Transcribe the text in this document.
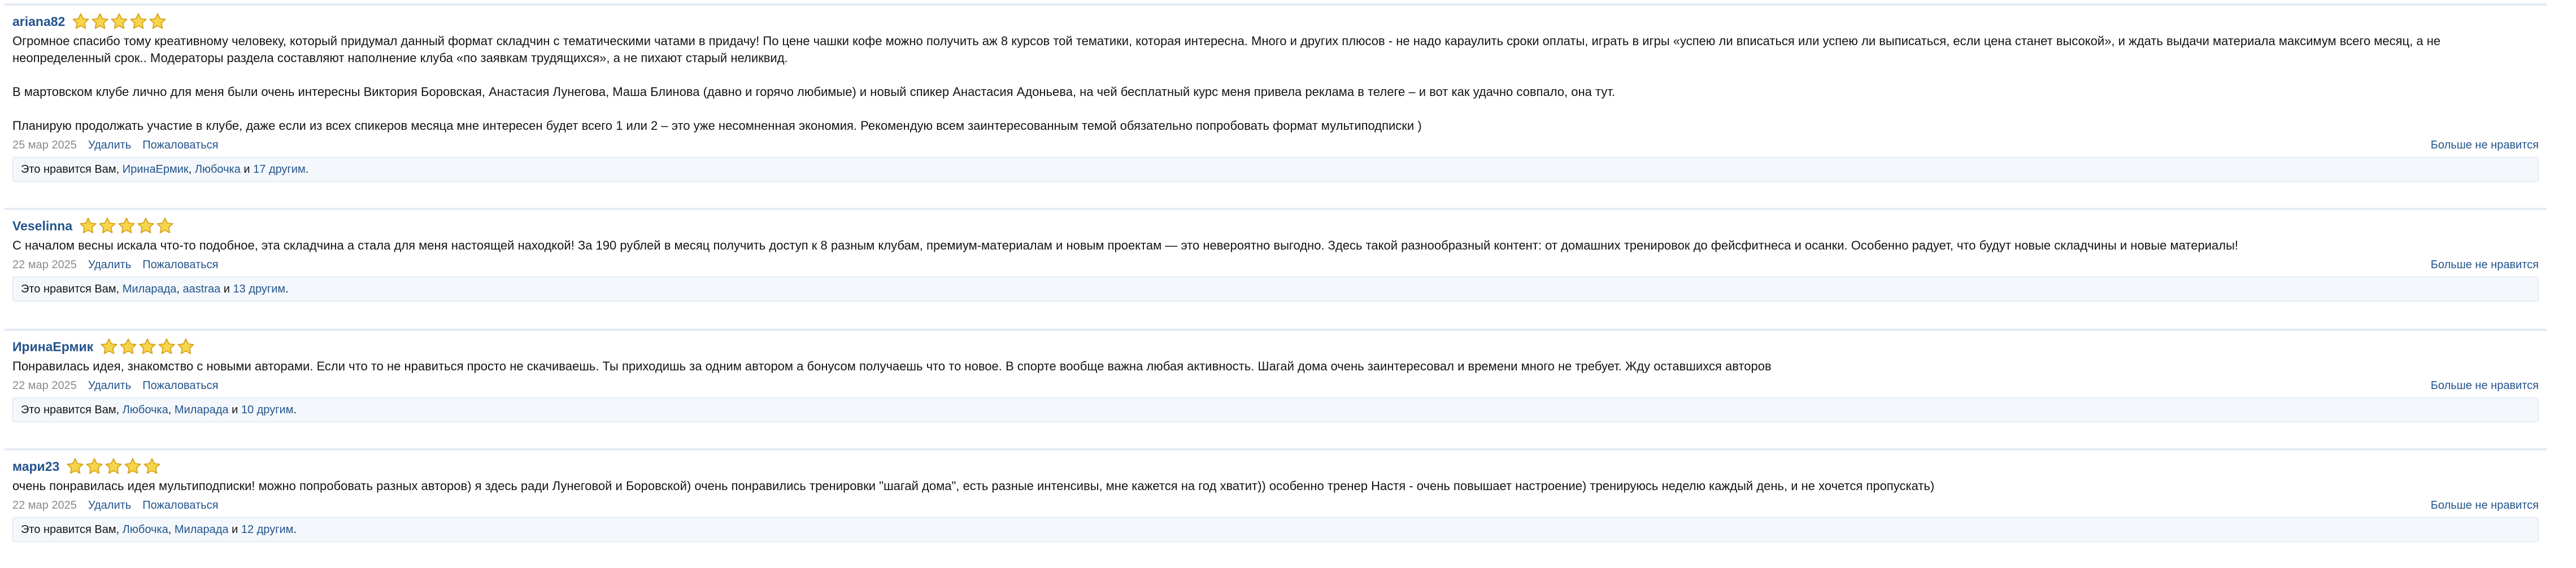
ariana82

Огромное спасибо тому креативному человеку, который придумал данный формат складчин с тематическими чатами в придачу! По цене чашки кофе можно получить аж 8 курсов той тематики, которая интересна. Много и других плюсов - не надо караулить сроки оплаты, играть в игры «успею ли вписаться или успею ли выписаться, если цена станет высокой», и ждать выдачи материала максимум всего месяц, а не неопределенный срок.. Модераторы раздела составляют наполнение клуба «по заявкам трудящихся», а не пихают старый неликвид.

В мартовском клубе лично для меня были очень интересны Виктория Боровская, Анастасия Лунегова, Маша Блинова (давно и горячо любимые) и новый спикер Анастасия Адоньева, на чей бесплатный курс меня привела реклама в телеге – и вот как удачно совпало, она тут.

Планирую продолжать участие в клубе, даже если из всех спикеров месяца мне интересен будет всего 1 или 2 – это уже несомненная экономия. Рекомендую всем заинтересованным темой обязательно попробовать формат мультиподписки )

25 мар 2025 Удалить Пожаловаться	Больше не нравится
Это нравится Вам, ИринаЕрмик , Любочка и 17 другим .
Veselinna

С началом весны искала что-то подобное, эта складчина а стала для меня настоящей находкой! За 190 рублей в месяц получить доступ к 8 разным клубам, премиум-материалам и новым проектам — это невероятно выгодно. Здесь такой разнообразный контент: от домашних тренировок до фейсфитнеса и осанки. Особенно радует, что будут новые складчины и новые материалы!

22 мар 2025 Удалить Пожаловаться	Больше не нравится
Это нравится Вам, Миларада , aastraa и 13 другим .
ИринаЕрмик

Понравилась идея, знакомство с новыми авторами. Если что то не нравиться просто не скачиваешь. Ты приходишь за одним автором а бонусом получаешь что то новое. В спорте вообще важна любая активность. Шагай дома очень заинтересовал и времени много не требует. Жду оставшихся авторов

22 мар 2025 Удалить Пожаловаться	Больше не нравится
Это нравится Вам, Любочка , Миларада и 10 другим .
мари23

очень понравилась идея мультиподписки! можно попробовать разных авторов) я здесь ради Лунеговой и Боровской) очень понравились тренировки "шагай дома", есть разные интенсивы, мне кажется на год хватит)) особенно тренер Настя - очень повышает настроение) тренируюсь неделю каждый день, и не хочется пропускать)

22 мар 2025 Удалить Пожаловаться	Больше не нравится
Это нравится Вам, Любочка , Миларада и 12 другим .
